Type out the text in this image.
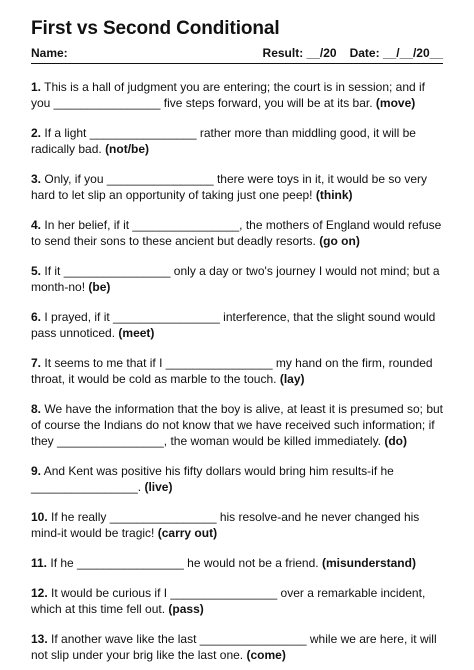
First vs Second Conditional
Name:	Result: __/20 Date: __/__/20__

1. This is a hall of judgment you are entering; the court is in session; and if you ________________ five steps forward, you will be at its bar. (move)

2. If a light ________________ rather more than middling good, it will be radically bad. (not/be)

3. Only, if you ________________ there were toys in it, it would be so very hard to let slip an opportunity of taking just one peep! (think)

4. In her belief, if it ________________, the mothers of England would refuse to send their sons to these ancient but deadly resorts. (go on)

5. If it ________________ only a day or two's journey I would not mind; but a month-no! (be)

6. I prayed, if it ________________ interference, that the slight sound would pass unnoticed. (meet)

7. It seems to me that if I ________________ my hand on the firm, rounded throat, it would be cold as marble to the touch. (lay)

8. We have the information that the boy is alive, at least it is presumed so; but of course the Indians do not know that we have received such information; if they ________________, the woman would be killed immediately. (do)

9. And Kent was positive his fifty dollars would bring him results-if he ________________. (live)

10. If he really ________________ his resolve-and he never changed his mind-it would be tragic! (carry out)

11. If he ________________ he would not be a friend. (misunderstand)

12. It would be curious if I ________________ over a remarkable incident, which at this time fell out. (pass)

13. If another wave like the last ________________ while we are here, it will not slip under your brig like the last one. (come)
